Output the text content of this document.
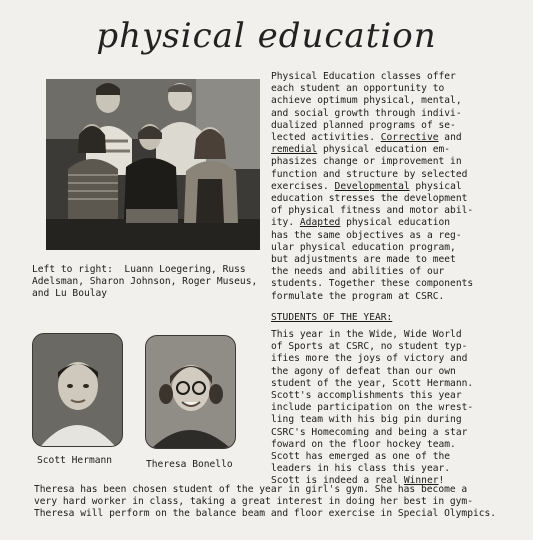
physical education
Physical Education classes offer
each student an opportunity to
achieve optimum physical, mental,
and social growth through indivi-
dualized planned programs of se-
lected activities. Corrective and
remedial physical education em-
phasizes change or improvement in
function and structure by selected
exercises. Developmental physical
education stresses the development
of physical fitness and motor abil-
ity. Adapted physical education
has the same objectives as a reg-
ular physical education program,
but adjustments are made to meet
the needs and abilities of our
students. Together these components
formulate the program at CSRC.
Left to right:  Luann Loegering, Russ
Adelsman, Sharon Johnson, Roger Museus,
and Lu Boulay
STUDENTS OF THE YEAR:
This year in the Wide, Wide World
of Sports at CSRC, no student typ-
ifies more the joys of victory and
the agony of defeat than our own
student of the year, Scott Hermann.
Scott's accomplishments this year
include participation on the wrest-
ling team with his big pin during
CSRC's Homecoming and being a star
foward on the floor hockey team.
Scott has emerged as one of the
leaders in his class this year.
Scott is indeed a real Winner!
Scott Hermann	Theresa Bonello
Theresa has been chosen student of the year in girl's gym. She has become a
very hard worker in class, taking a great interest in doing her best in gym-
Theresa will perform on the balance beam and floor exercise in Special Olympics.
